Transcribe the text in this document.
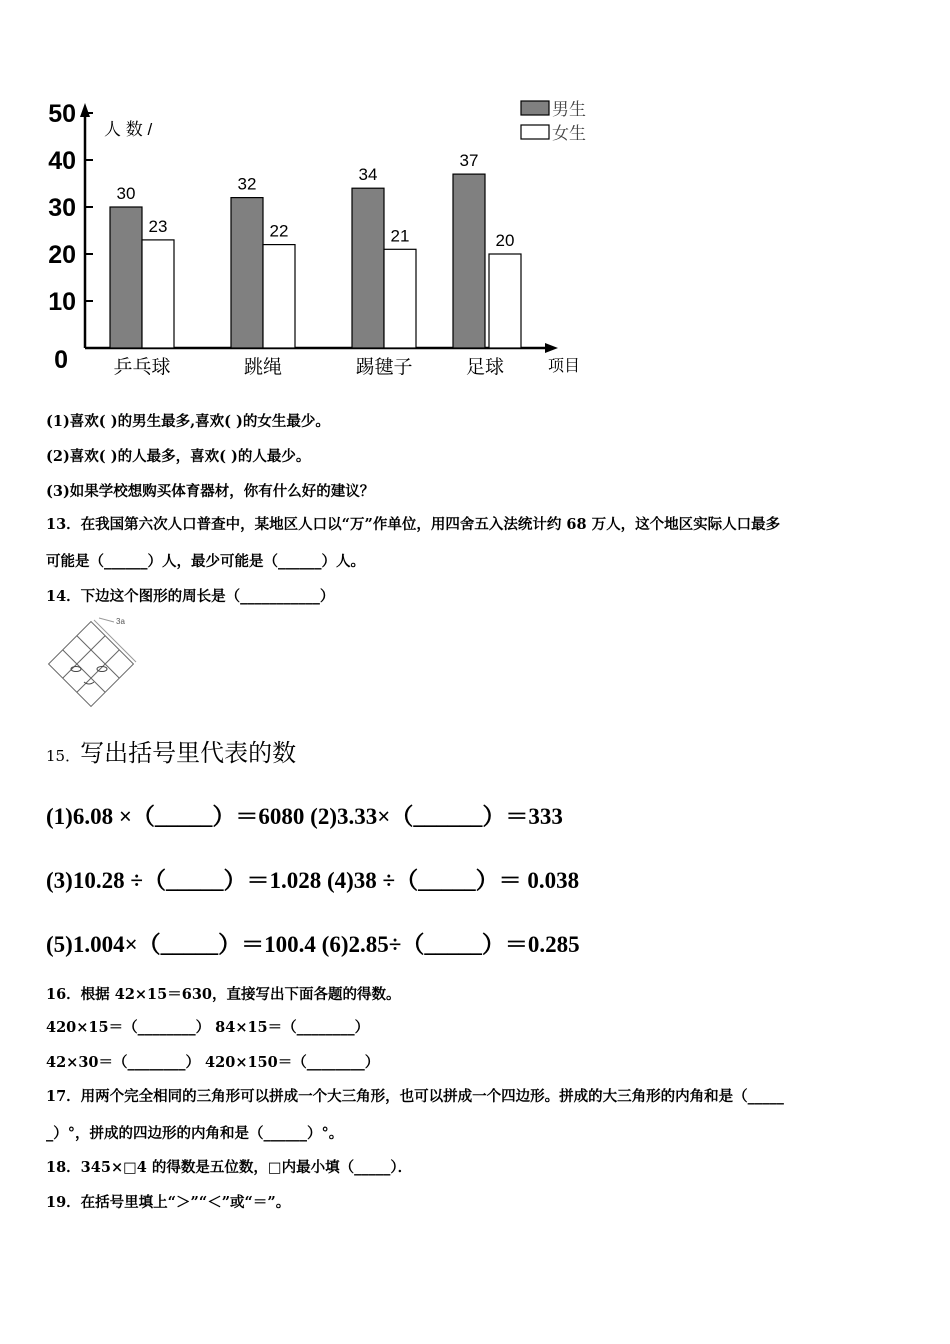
0
10
20
30
40
50
人 数 /
项目
30
23
乒乓球
32
22
跳绳
34
21
踢毽子
37
20
足球
男生
女生
(1)喜欢( )的男生最多,喜欢( )的女生最少。
(2)喜欢( )的人最多，喜欢( )的人最少。
(3)如果学校想购买体育器材，你有什么好的建议？
13．在我国第六次人口普查中，某地区人口以“万”作单位，用四舍五入法统计约 68 万人，这个地区实际人口最多
可能是（______）人，最少可能是（______）人。
14．下边这个图形的周长是（___________）
3a
15．写出括号里代表的数
(1)6.08 ×（_____）＝6080 (2)3.33×（______）＝333
(3)10.28 ÷（_____）＝1.028 (4)38 ÷（_____）＝ 0.038
(5)1.004×（_____）＝100.4 (6)2.85÷（_____）＝0.285
16．根据 42×15＝630，直接写出下面各题的得数。
420×15＝（________） 84×15＝（________）
42×30＝（________） 420×150＝（________）
17．用两个完全相同的三角形可以拼成一个大三角形，也可以拼成一个四边形。拼成的大三角形的内角和是（_____
_）°，拼成的四边形的内角和是（______）°。
18．345×□4 的得数是五位数，□内最小填（_____）．
19．在括号里填上“＞”“＜”或“＝”。
